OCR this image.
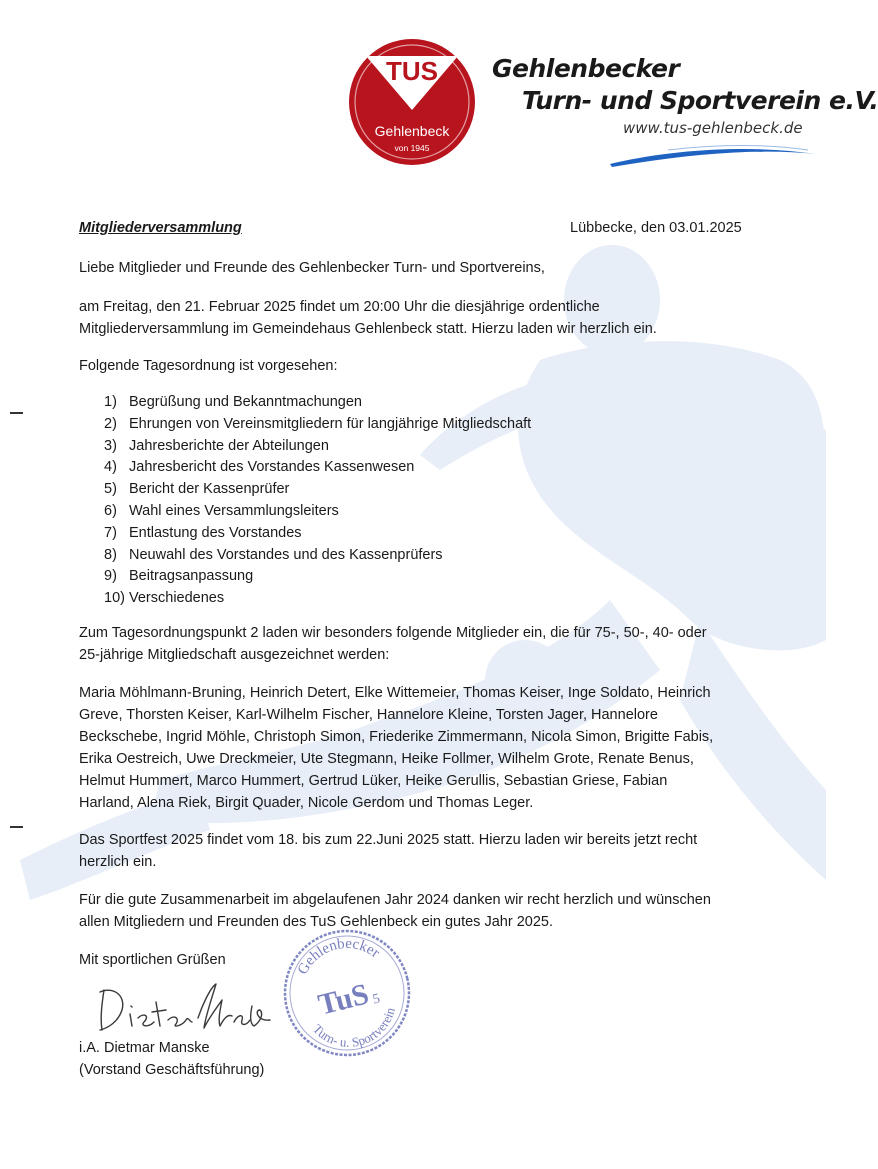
TUS
Gehlenbeck
von 1945
Gehlenbecker
Turn- und Sportverein e.V.
www.tus-gehlenbeck.de
Mitgliederversammlung	Lübbecke, den 03.01.2025
Liebe Mitglieder und Freunde des Gehlenbecker Turn- und Sportvereins,
am Freitag, den 21. Februar 2025 findet um 20:00 Uhr die diesjährige ordentliche
Mitgliederversammlung im Gemeindehaus Gehlenbeck statt. Hierzu laden wir herzlich ein.
Folgende Tagesordnung ist vorgesehen:
1) Begrüßung und Bekanntmachungen
2) Ehrungen von Vereinsmitgliedern für langjährige Mitgliedschaft
3) Jahresberichte der Abteilungen
4) Jahresbericht des Vorstandes Kassenwesen
5) Bericht der Kassenprüfer
6) Wahl eines Versammlungsleiters
7) Entlastung des Vorstandes
8) Neuwahl des Vorstandes und des Kassenprüfers
9) Beitragsanpassung
10) Verschiedenes
Zum Tagesordnungspunkt 2 laden wir besonders folgende Mitglieder ein, die für 75-, 50-, 40- oder
25-jährige Mitgliedschaft ausgezeichnet werden:
Maria Möhlmann-Bruning, Heinrich Detert, Elke Wittemeier, Thomas Keiser, Inge Soldato, Heinrich
Greve, Thorsten Keiser, Karl-Wilhelm Fischer, Hannelore Kleine, Torsten Jager, Hannelore
Beckschebe, Ingrid Möhle, Christoph Simon, Friederike Zimmermann, Nicola Simon, Brigitte Fabis,
Erika Oestreich, Uwe Dreckmeier, Ute Stegmann, Heike Follmer, Wilhelm Grote, Renate Benus,
Helmut Hummert, Marco Hummert, Gertrud Lüker, Heike Gerullis, Sebastian Griese, Fabian
Harland, Alena Riek, Birgit Quader, Nicole Gerdom und Thomas Leger.
Das Sportfest 2025 findet vom 18. bis zum 22.Juni 2025 statt. Hierzu laden wir bereits jetzt recht
herzlich ein.
Für die gute Zusammenarbeit im abgelaufenen Jahr 2024 danken wir recht herzlich und wünschen
allen Mitgliedern und Freunden des TuS Gehlenbeck ein gutes Jahr 2025.
Mit sportlichen Grüßen
i.A. Dietmar Manske
(Vorstand Geschäftsführung)
Gehlenbecker
Turn- u. Sportverein
TuS 5
